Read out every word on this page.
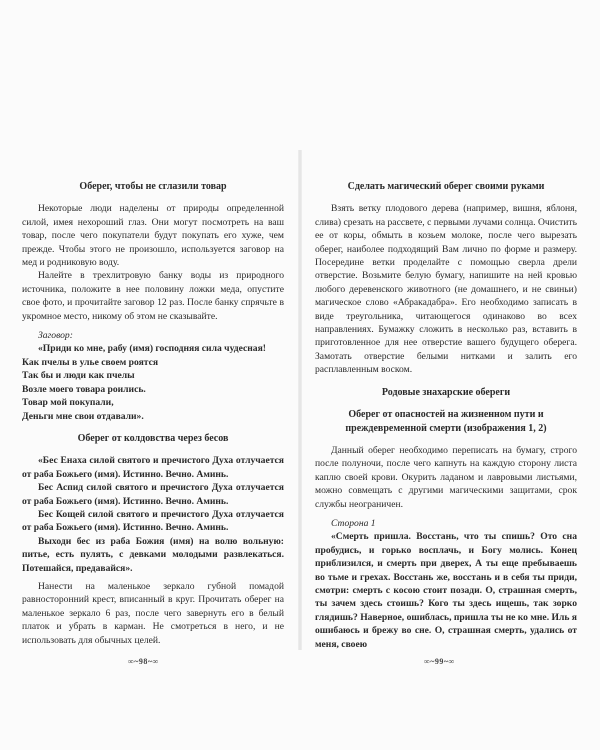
Оберег, чтобы не сглазили товар

Некоторые люди наделены от природы определенной силой, имея нехороший глаз. Они могут посмотреть на ваш товар, после чего покупатели будут покупать его хуже, чем прежде. Чтобы этого не произошло, используется заговор на мед и родниковую воду.

Налейте в трехлитровую банку воды из природного источника, положите в нее половину ложки меда, опустите свое фото, и прочитайте заговор 12 раз. После банку спрячьте в укромное место, никому об этом не сказывайте.

Заговор:
«Приди ко мне, рабу (имя) господняя сила чудесная!
Как пчелы в улье своем роятся
Так бы и люди как пчелы
Возле моего товара роились.
Товар мой покупали,
Деньги мне свои отдавали».
Оберег от колдовства через бесов
«Бес Енаха силой святого и пречистого Духа отлучается от раба Божьего (имя). Истинно. Вечно. Аминь.
Бес Аспид силой святого и пречистого Духа отлучается от раба Божьего (имя). Истинно. Вечно. Аминь.
Бес Кощей силой святого и пречистого Духа отлучается от раба Божьего (имя). Истинно. Вечно. Аминь.
Выходи бес из раба Божия (имя) на волю вольную: питье, есть пулять, с девками молодыми развлекаться. Потешайся, предавайся».

Нанести на маленькое зеркало губной помадой равносторонний крест, вписанный в круг. Прочитать оберег на маленькое зеркало 6 раз, после чего завернуть его в белый платок и убрать в карман. Не смотреться в него, и не использовать для обычных целей.

Сделать магический оберег своими руками

Взять ветку плодового дерева (например, вишня, яблоня, слива) срезать на рассвете, с первыми лучами солнца. Очистить ее от коры, обмыть в козьем молоке, после чего вырезать оберег, наиболее подходящий Вам лично по форме и размеру. Посередине ветки проделайте с помощью сверла дрели отверстие. Возьмите белую бумагу, напишите на ней кровью любого деревенского животного (не домашнего, и не свиньи) магическое слово «Абракадабра». Его необходимо записать в виде треугольника, читающегося одинаково во всех направлениях. Бумажку сложить в несколько раз, вставить в приготовленное для нее отверстие вашего будущего оберега. Замотать отверстие белыми нитками и залить его расплавленным воском.

Родовые знахарские обереги
Оберег от опасностей на жизненном пути и преждевременной смерти (изображения 1, 2)

Данный оберег необходимо переписать на бумагу, строго после полуночи, после чего капнуть на каждую сторону листа каплю своей крови. Окурить ладаном и лавровыми листьями, можно совмещать с другими магическими защитами, срок службы неограничен.

Сторона 1
«Смерть пришла. Восстань, что ты спишь? Ото сна пробудись, и горько восплачь, и Богу молись. Конец приблизился, и смерть при дверех, А ты еще пребываешь во тьме и грехах. Восстань же, восстань и в себя ты приди, смотри: смерть с косою стоит позади. О, страшная смерть, ты зачем здесь стоишь? Кого ты здесь ищешь, так зорко глядишь? Наверное, ошиблась, пришла ты не ко мне. Иль я ошибаюсь и брежу во сне. О, страшная смерть, удались от меня, своею
∞~98~∞	∞~99~∞
